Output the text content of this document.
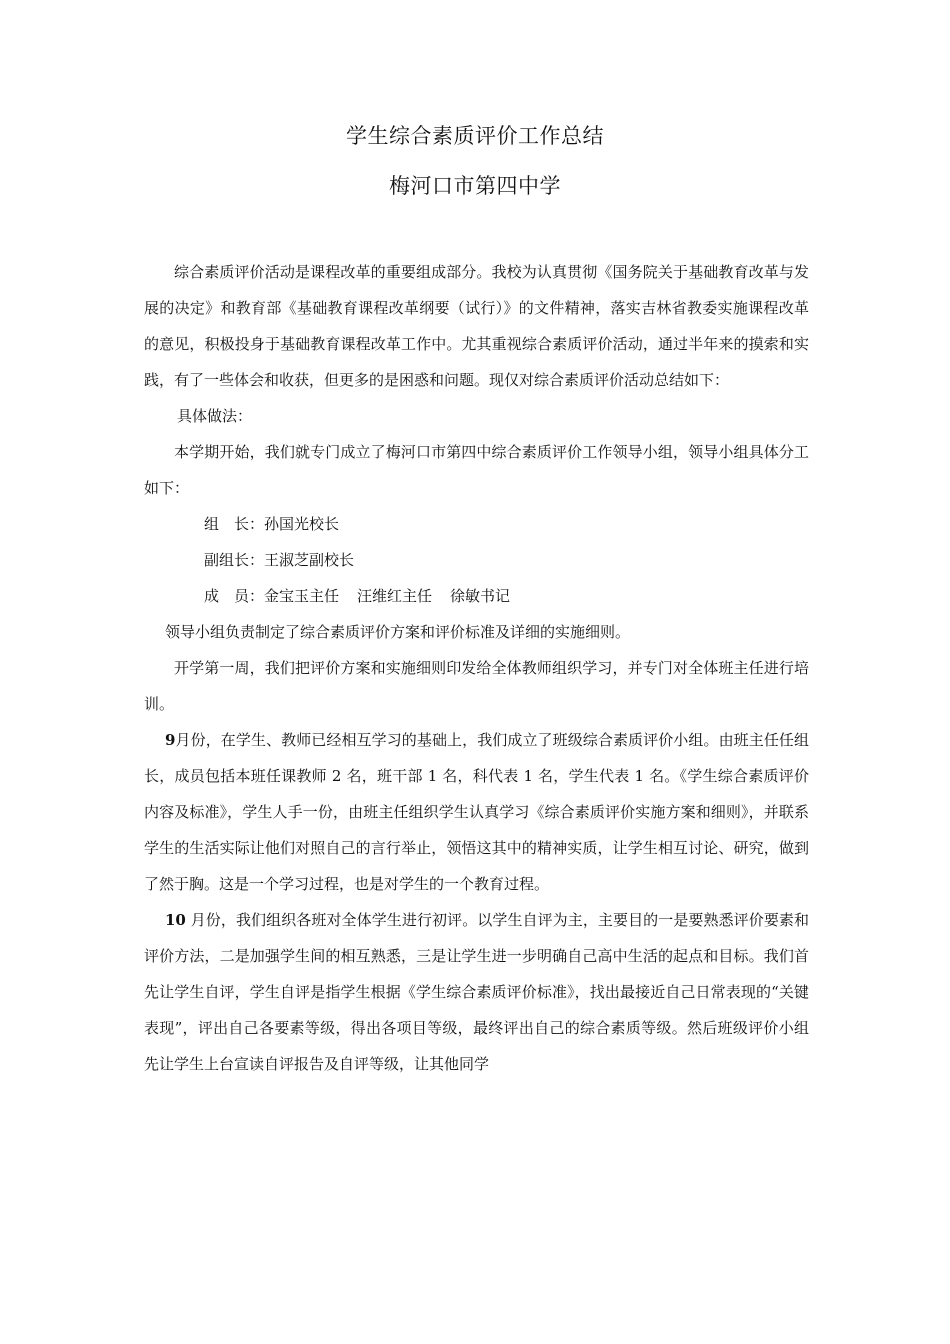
学生综合素质评价工作总结
梅河口市第四中学

综合素质评价活动是课程改革的重要组成部分。我校为认真贯彻《国务院关于基础教育改革与发展的决定》和教育部《基础教育课程改革纲要（试行）》的文件精神，落实吉林省教委实施课程改革的意见，积极投身于基础教育课程改革工作中。尤其重视综合素质评价活动，通过半年来的摸索和实践，有了一些体会和收获，但更多的是困惑和问题。现仅对综合素质评价活动总结如下：

具体做法：

本学期开始，我们就专门成立了梅河口市第四中综合素质评价工作领导小组，领导小组具体分工如下：

组　长：孙国光校长

副组长：王淑芝副校长

成　员：金宝玉主任 汪维红主任 徐敏书记

领导小组负责制定了综合素质评价方案和评价标准及详细的实施细则。

开学第一周，我们把评价方案和实施细则印发给全体教师组织学习，并专门对全体班主任进行培训。

9月份，在学生、教师已经相互学习的基础上，我们成立了班级综合素质评价小组。由班主任任组长，成员包括本班任课教师 2 名，班干部 1 名，科代表 1 名，学生代表 1 名。《学生综合素质评价内容及标准》，学生人手一份，由班主任组织学生认真学习《综合素质评价实施方案和细则》，并联系学生的生活实际让他们对照自己的言行举止，领悟这其中的精神实质，让学生相互讨论、研究，做到了然于胸。这是一个学习过程，也是对学生的一个教育过程。

10 月份，我们组织各班对全体学生进行初评。以学生自评为主，主要目的一是要熟悉评价要素和评价方法，二是加强学生间的相互熟悉，三是让学生进一步明确自己高中生活的起点和目标。我们首先让学生自评，学生自评是指学生根据《学生综合素质评价标准》，找出最接近自己日常表现的“关键表现”，评出自己各要素等级，得出各项目等级，最终评出自己的综合素质等级。然后班级评价小组先让学生上台宣读自评报告及自评等级，让其他同学
